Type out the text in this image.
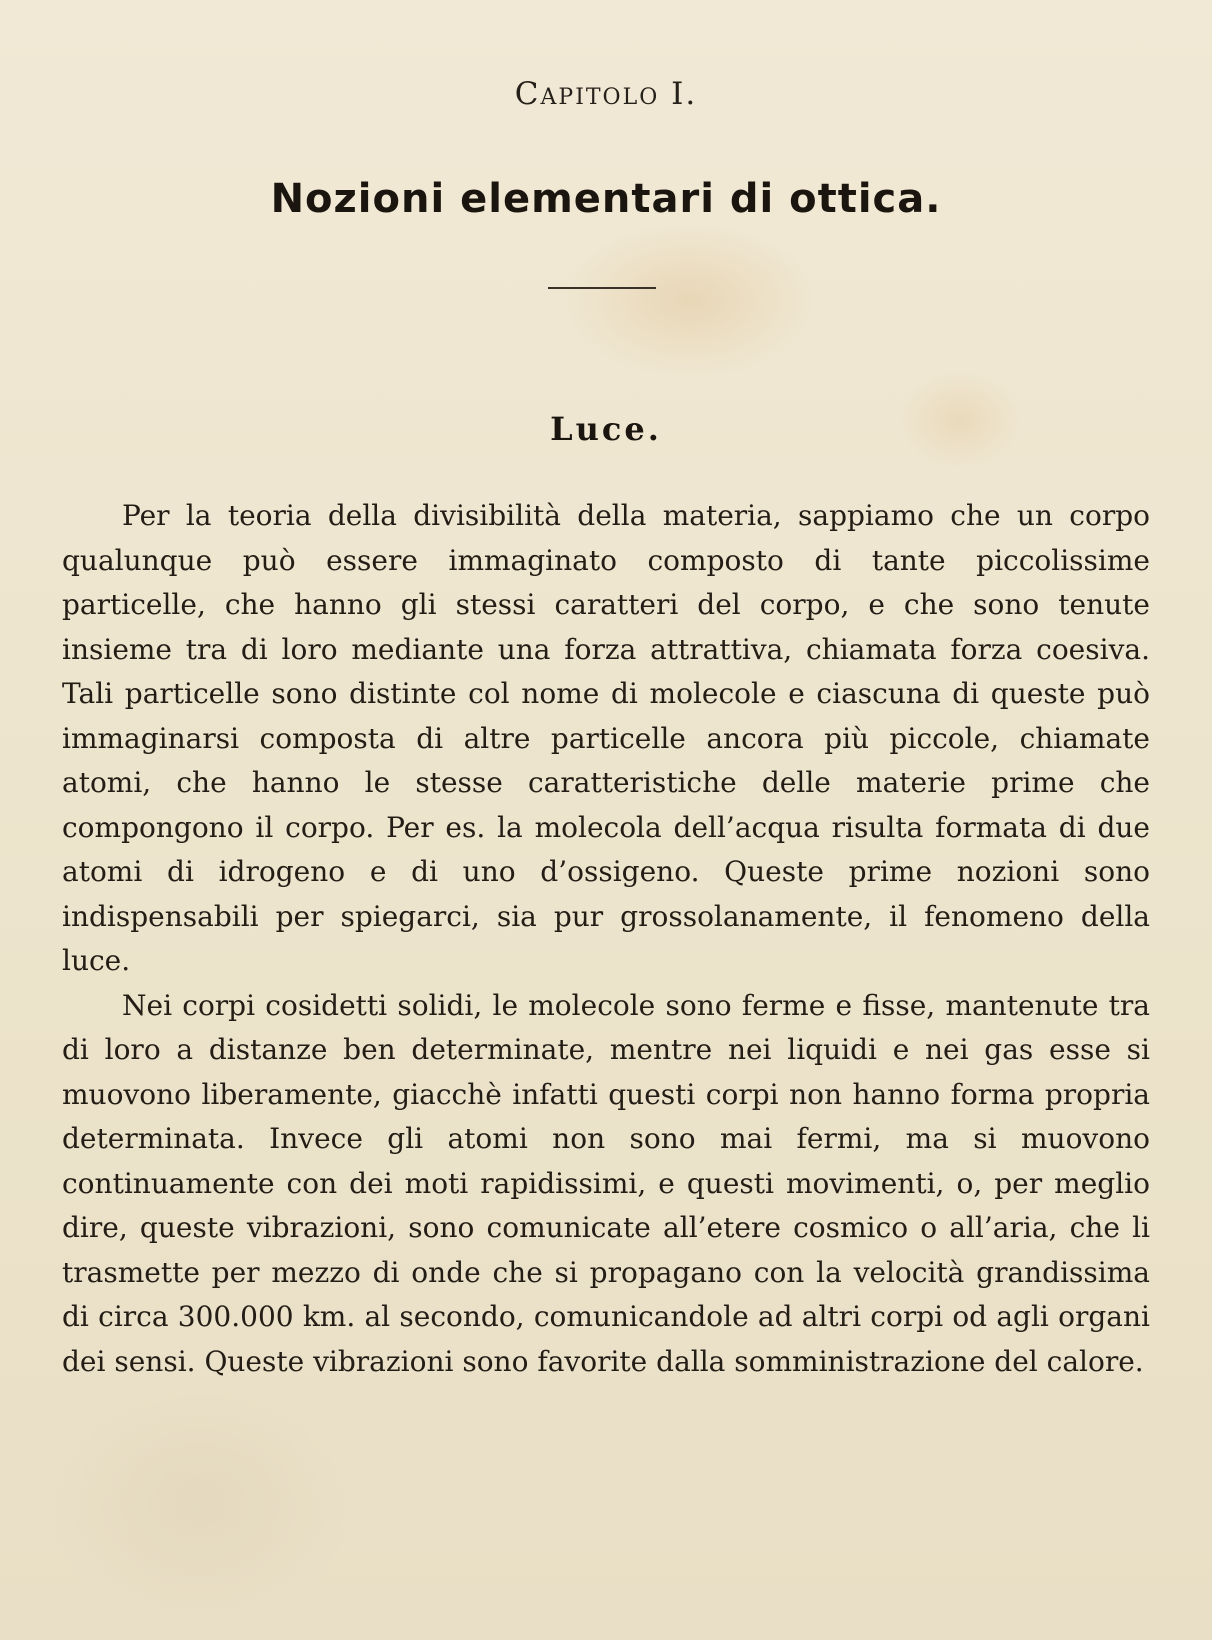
Capitolo I.
Nozioni elementari di ottica.
Luce.

Per la teoria della divisibilità della materia, sappiamo che un corpo qualunque può essere immaginato composto di tante piccolissime particelle, che hanno gli stessi caratteri del corpo, e che sono tenute insieme tra di loro mediante una forza attrattiva, chiamata forza coesiva. Tali particelle sono distinte col nome di molecole e ciascuna di queste può immaginarsi composta di altre particelle ancora più piccole, chiamate atomi, che hanno le stesse caratteristiche delle materie prime che compongono il corpo. Per es. la molecola dell’acqua risulta formata di due atomi di idrogeno e di uno d’ossigeno. Queste prime nozioni sono indispensabili per spiegarci, sia pur grossolanamente, il fenomeno della luce.

Nei corpi cosidetti solidi, le molecole sono ferme e fisse, mantenute tra di loro a distanze ben determinate, mentre nei liquidi e nei gas esse si muovono liberamente, giacchè infatti questi corpi non hanno forma propria determinata. Invece gli atomi non sono mai fermi, ma si muovono continuamente con dei moti rapidissimi, e questi movimenti, o, per meglio dire, queste vibrazioni, sono comunicate all’etere cosmico o all’aria, che li trasmette per mezzo di onde che si propagano con la velocità grandissima di circa 300.000 km. al secondo, comunicandole ad altri corpi od agli organi dei sensi. Queste vibrazioni sono favorite dalla somministrazione del calore.
